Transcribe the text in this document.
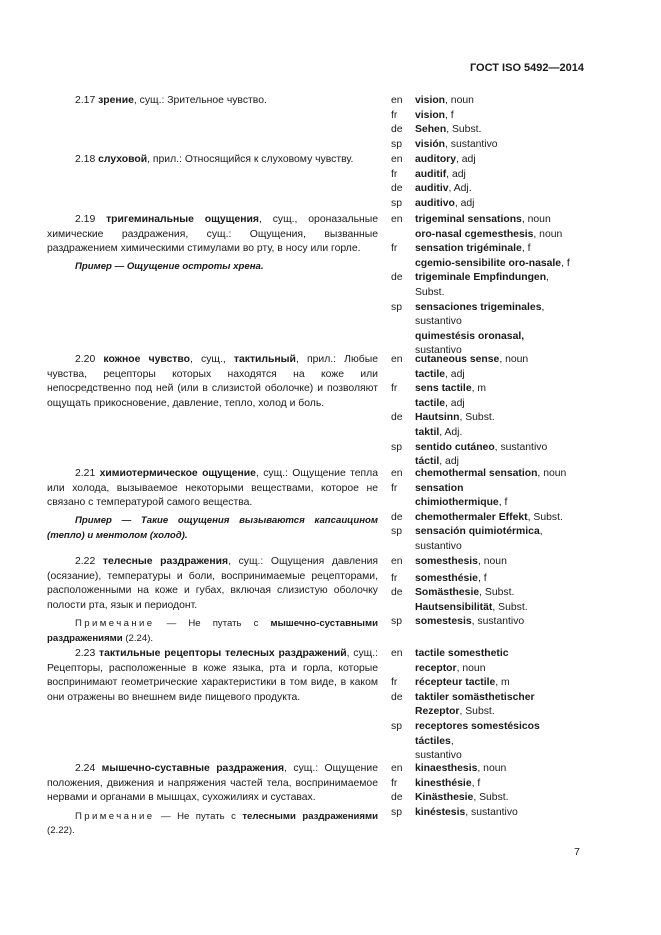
ГОСТ ISO 5492—2014

2.17 зрение, сущ.: Зрительное чувство.	en	vision, noun
fr	vision, f
de	Sehen, Subst.
sp	visión, sustantivo

2.18 слуховой, прил.: Относящийся к слуховому чувству.	en	auditory, adj
fr	auditif, adj
de	auditiv, Adj.
sp	auditivo, adj

2.19 тригеминальные ощущения, сущ., ороназальные химические раздражения, сущ.: Ощущения, вызванные раздражением химическими стимулами во рту, в носу или горле.

Пример — Ощущение остроты хрена.

en	trigeminal sensations, noun
oro-nasal cgemesthesis, noun
fr	sensation trigéminale, f
cgemio-sensibilite oro-nasale, f
de	trigeminale Empfindungen,
Subst.
sp	sensaciones trigeminales,
sustantivo
quimestésis oronasal,
sustantivo

2.20 кожное чувство, сущ., тактильный, прил.: Любые чувства, рецепторы которых находятся на коже или непосредственно под ней (или в слизистой оболочке) и позволяют ощущать прикосновение, давление, тепло, холод и боль.

en	cutaneous sense, noun
tactile, adj
fr	sens tactile, m
tactile, adj
de	Hautsinn, Subst.
taktil, Adj.
sp	sentido cutáneo, sustantivo
táctil, adj

2.21 химиотермическое ощущение, сущ.: Ощущение тепла или холода, вызываемое некоторыми веществами, которое не связано с температурой самого вещества.

Пример — Такие ощущения вызываются капсаицином (тепло) и ментолом (холод).

en	chemothermal sensation, noun
fr	sensation
chimiothermique, f
de	chemothermaler Effekt, Subst.
sp	sensación quimiotérmica,
sustantivo

2.22 телесные раздражения, сущ.: Ощущения давления (осязание), температуры и боли, воспринимаемые рецепторами, расположенными на коже и губах, включая слизистую оболочку полости рта, язык и периодонт.

Примечание — Не путать с мышечно-суставными раздражениями (2.24).

en	somesthesis, noun
fr	somesthésie, f
de	Somästhesie, Subst.
Hautsensibilität, Subst.
sp	somestesis, sustantivo

2.23 тактильные рецепторы телесных раздражений, сущ.: Рецепторы, расположенные в коже языка, рта и горла, которые воспринимают геометрические характеристики в том виде, в каком они отражены во внешнем виде пищевого продукта.

en	tactile somesthetic
receptor, noun
fr	récepteur tactile, m
de	taktiler somästhetischer
Rezeptor, Subst.
sp	receptores somestésicos
táctiles,
sustantivo

2.24 мышечно-суставные раздражения, сущ.: Ощущение положения, движения и напряжения частей тела, воспринимаемое нервами и органами в мышцах, сухожилиях и суставах.

Примечание — Не путать с телесными раздражениями (2.22).

en	kinaesthesis, noun
fr	kinesthésie, f
de	Kinästhesie, Subst.
sp	kinéstesis, sustantivo
7
